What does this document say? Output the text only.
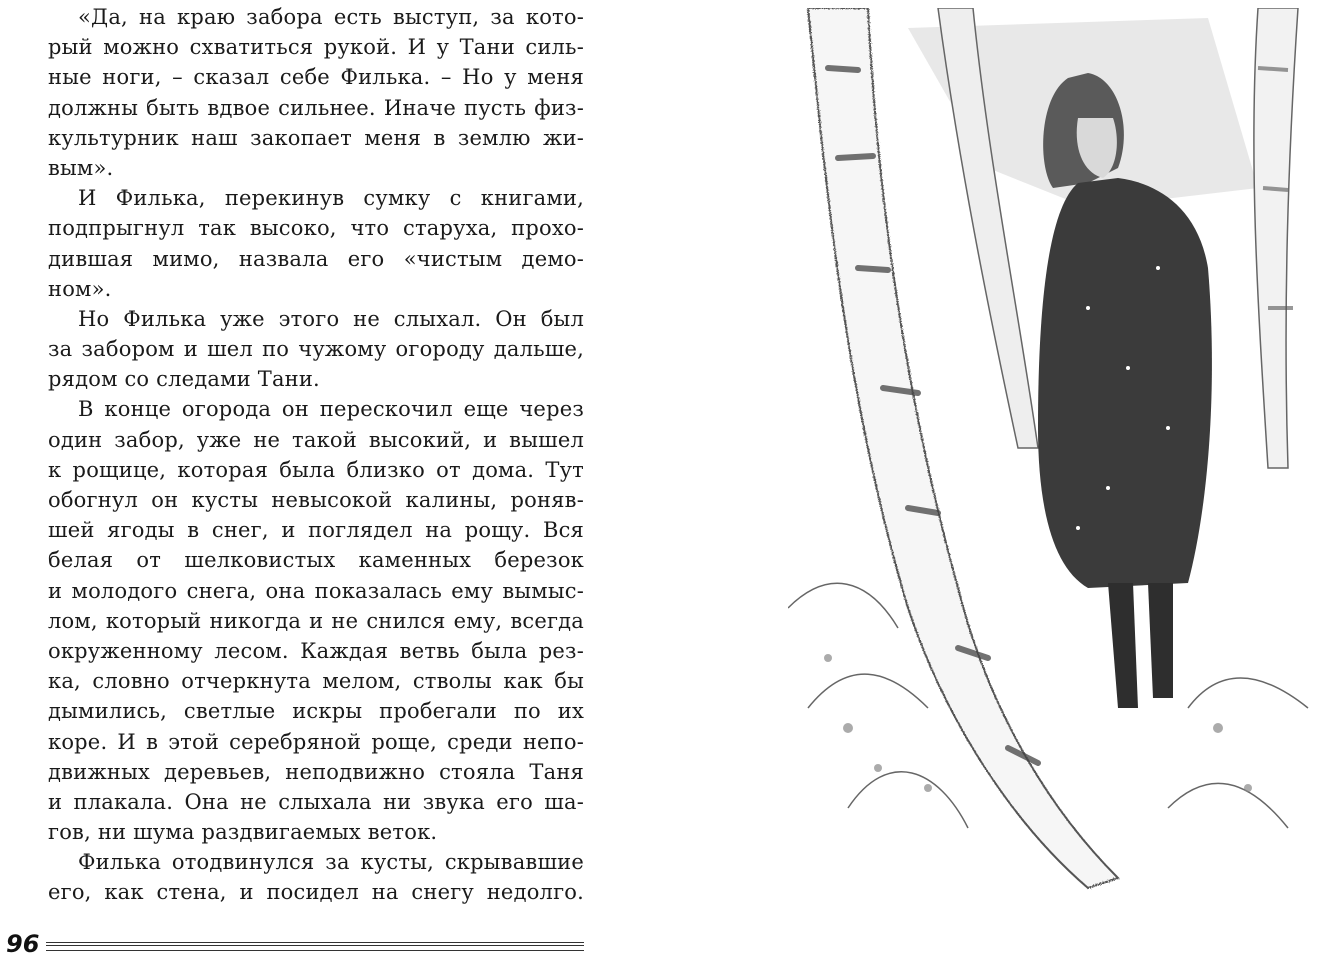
«Да, на краю забора есть выступ, за кото-
рый можно схватиться рукой. И у Тани силь-
ные ноги, – сказал себе Филька. – Но у меня
должны быть вдвое сильнее. Иначе пусть физ-
культурник наш закопает меня в землю жи-
вым».
И Филька, перекинув сумку с книгами,
подпрыгнул так высоко, что старуха, прохо-
дившая мимо, назвала его «чистым демо-
ном».
Но Филька уже этого не слыхал. Он был
за забором и шел по чужому огороду дальше,
рядом со следами Тани.
В конце огорода он перескочил еще через
один забор, уже не такой высокий, и вышел
к рощице, которая была близко от дома. Тут
обогнул он кусты невысокой калины, роняв-
шей ягоды в снег, и поглядел на рощу. Вся
белая от шелковистых каменных березок
и молодого снега, она показалась ему вымыс-
лом, который никогда и не снился ему, всегда
окруженному лесом. Каждая ветвь была рез-
ка, словно отчеркнута мелом, стволы как бы
дымились, светлые искры пробегали по их
коре. И в этой серебряной роще, среди непо-
движных деревьев, неподвижно стояла Таня
и плакала. Она не слыхала ни звука его ша-
гов, ни шума раздвигаемых веток.
Филька отодвинулся за кусты, скрывавшие
его, как стена, и посидел на снегу недолго.
96
